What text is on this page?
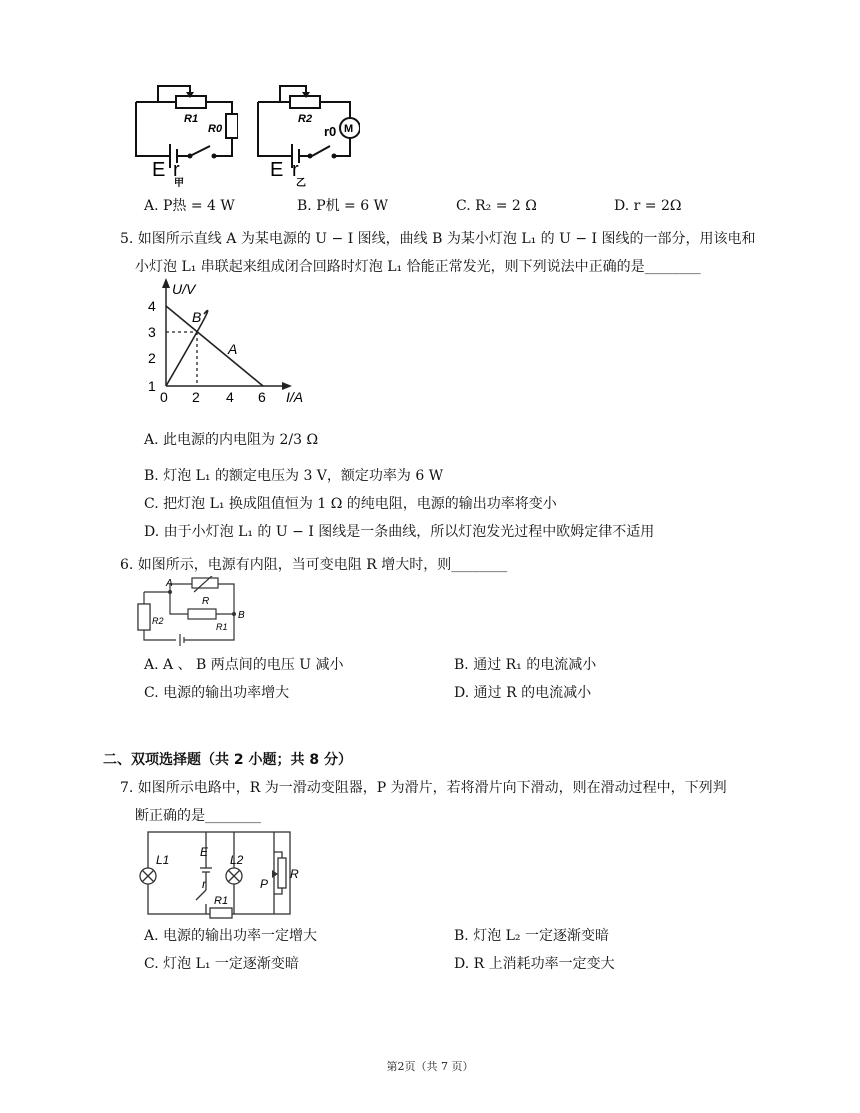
R1
R0
E r
甲
R2
r0 M
E r
乙
A. P热 = 4 W	B. P机 = 6 W	C. R₂ = 2 Ω	D. r = 2Ω
5. 如图所示直线 A 为某电源的 U − I 图线，曲线 B 为某小灯泡 L₁ 的 U − I 图线的一部分，用该电和
小灯泡 L₁ 串联起来组成闭合回路时灯泡 L₁ 恰能正常发光，则下列说法中正确的是________
U/V
I/A
4
3
2
1
0 2 4 6
A
B
A. 此电源的内电阻为 2/3 Ω
B. 灯泡 L₁ 的额定电压为 3 V，额定功率为 6 W
C. 把灯泡 L₁ 换成阻值恒为 1 Ω 的纯电阻，电源的输出功率将变小
D. 由于小灯泡 L₁ 的 U − I 图线是一条曲线，所以灯泡发光过程中欧姆定律不适用
6. 如图所示，电源有内阻，当可变电阻 R 增大时，则________
A
B
R
R1
R2
A. A 、 B 两点间的电压 U 减小	B. 通过 R₁ 的电流减小
C. 电源的输出功率增大	D. 通过 R 的电流减小
二、双项选择题（共 2 小题；共 8 分）
7. 如图所示电路中，R 为一滑动变阻器，P 为滑片，若将滑片向下滑动，则在滑动过程中，下列判
断正确的是________
L1
E
r
L2
P
R
R1
A. 电源的输出功率一定增大	B. 灯泡 L₂ 一定逐渐变暗
C. 灯泡 L₁ 一定逐渐变暗	D. R 上消耗功率一定变大
第2页（共 7 页）
